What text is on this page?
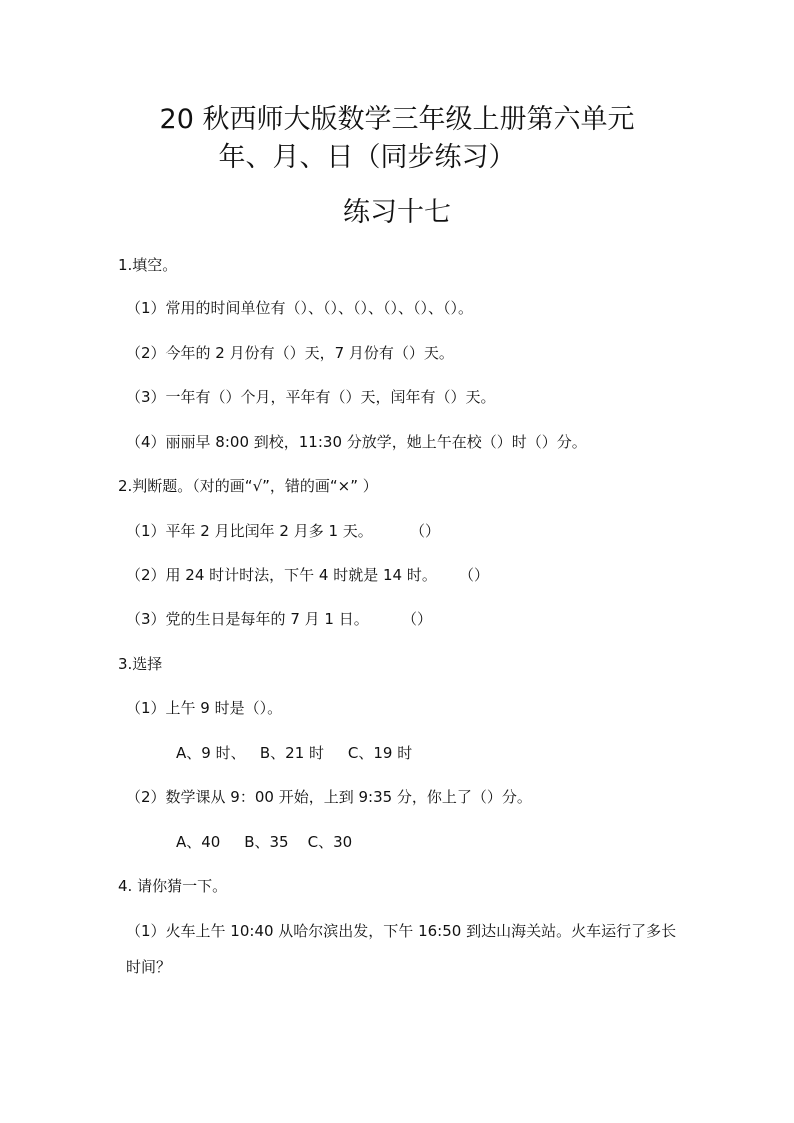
20 秋西师大版数学三年级上册第六单元
年、月、日（同步练习）
练习十七
1.填空。
（1）常用的时间单位有（）、（）、（）、（）、（）、（）。
（2）今年的 2 月份有（）天，7 月份有（）天。
（3）一年有（）个月，平年有（）天，闰年有（）天。
（4）丽丽早 8:00 到校，11:30 分放学，她上午在校（）时（）分。
2.判断题。（对的画“√”，错的画“×” ）
（1）平年 2 月比闰年 2 月多 1 天。 （）
（2）用 24 时计时法，下午 4 时就是 14 时。 （）
（3）党的生日是每年的 7 月 1 日。 （）
3.选择
（1）上午 9 时是（）。
A、9 时、   B、21 时     C、19 时
（2）数学课从 9：00 开始，上到 9:35 分，你上了（）分。
A、40     B、35    C、30
4. 请你猜一下。
（1）火车上午 10:40 从哈尔滨出发，下午 16:50 到达山海关站。火车运行了多长时间？
